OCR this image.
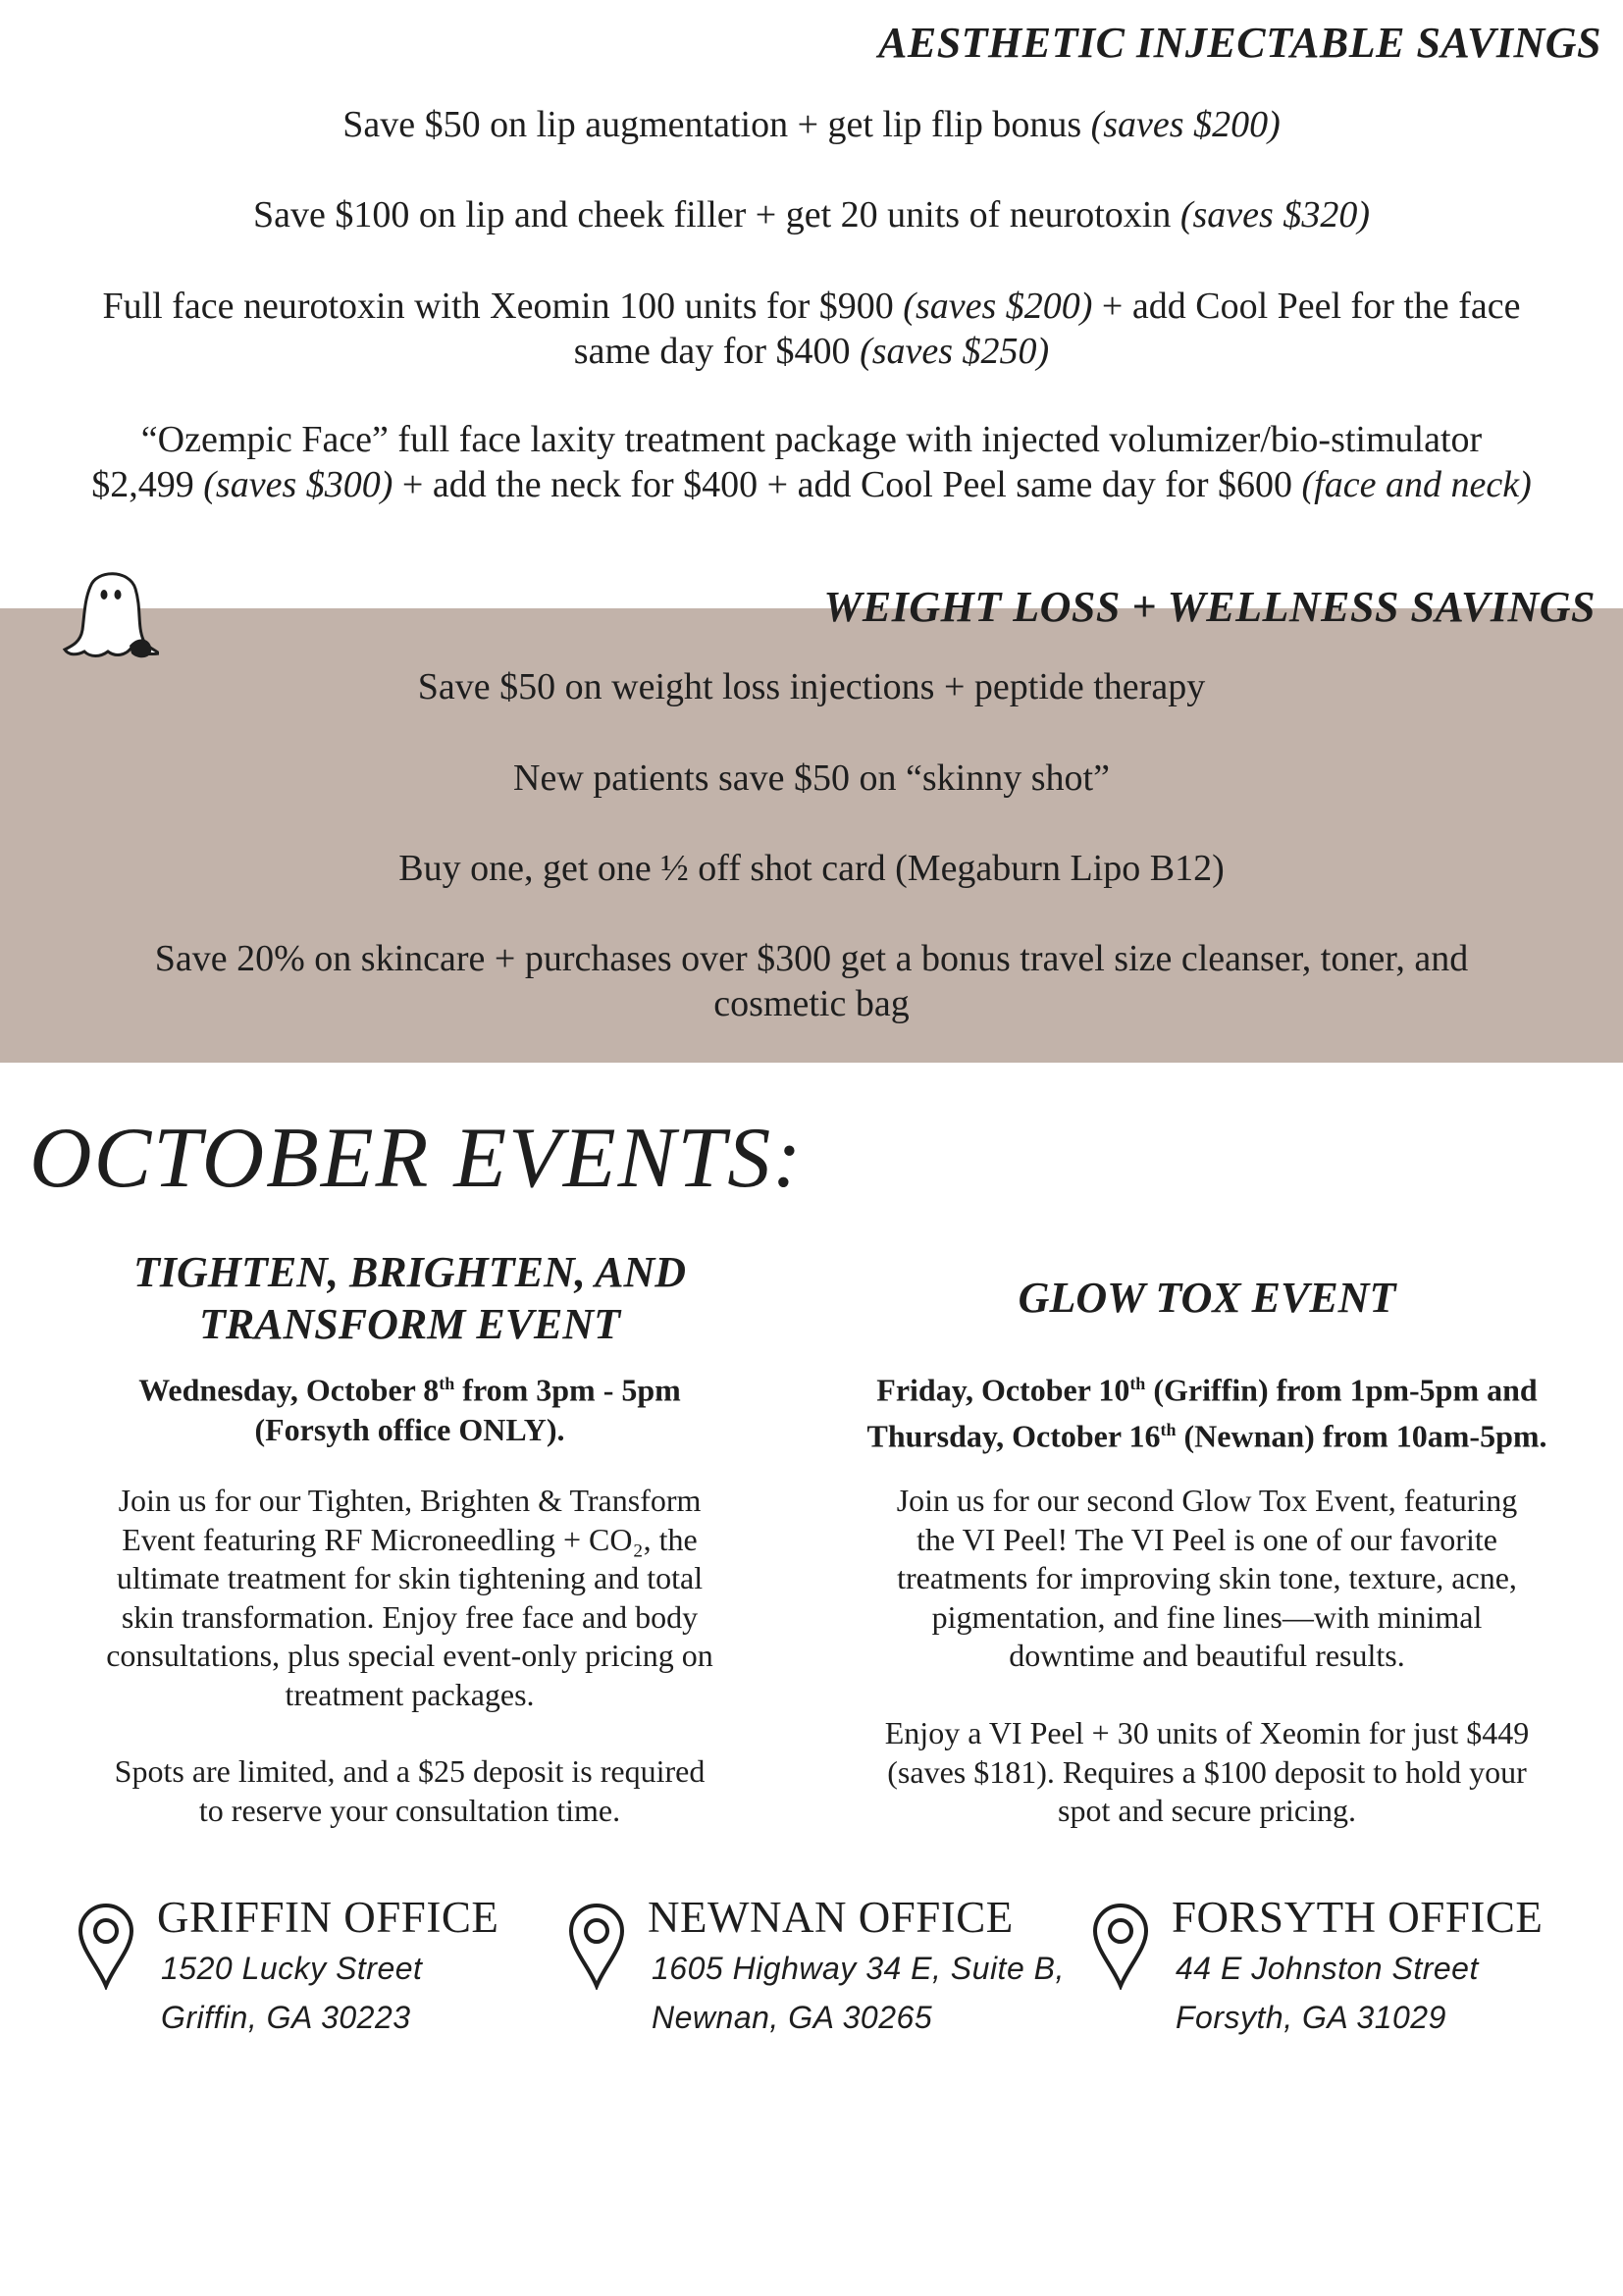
AESTHETIC INJECTABLE SAVINGS
Save $50 on lip augmentation + get lip flip bonus (saves $200)
Save $100 on lip and cheek filler + get 20 units of neurotoxin (saves $320)
Full face neurotoxin with Xeomin 100 units for $900 (saves $200) + add Cool Peel for the face
same day for $400 (saves $250)
“Ozempic Face” full face laxity treatment package with injected volumizer/bio-stimulator
$2,499 (saves $300) + add the neck for $400 + add Cool Peel same day for $600 (face and neck)
WEIGHT LOSS + WELLNESS SAVINGS
Save $50 on weight loss injections + peptide therapy
New patients save $50 on “skinny shot”
Buy one, get one ½ off shot card (Megaburn Lipo B12)
Save 20% on skincare + purchases over $300 get a bonus travel size cleanser, toner, and
cosmetic bag
OCTOBER EVENTS:
TIGHTEN, BRIGHTEN, AND
TRANSFORM EVENT
Wednesday, October 8th from 3pm - 5pm
(Forsyth office ONLY).
Join us for our Tighten, Brighten & Transform
Event featuring RF Microneedling + CO₂, the
ultimate treatment for skin tightening and total
skin transformation. Enjoy free face and body
consultations, plus special event-only pricing on
treatment packages.
Spots are limited, and a $25 deposit is required
to reserve your consultation time.
GLOW TOX EVENT
Friday, October 10th (Griffin) from 1pm-5pm and
Thursday, October 16th (Newnan) from 10am-5pm.
Join us for our second Glow Tox Event, featuring
the VI Peel! The VI Peel is one of our favorite
treatments for improving skin tone, texture, acne,
pigmentation, and fine lines—with minimal
downtime and beautiful results.
Enjoy a VI Peel + 30 units of Xeomin for just $449
(saves $181). Requires a $100 deposit to hold your
spot and secure pricing.
GRIFFIN OFFICE
1520 Lucky Street
Griffin, GA 30223
NEWNAN OFFICE
1605 Highway 34 E, Suite B,
Newnan, GA 30265
FORSYTH OFFICE
44 E Johnston Street
Forsyth, GA 31029
